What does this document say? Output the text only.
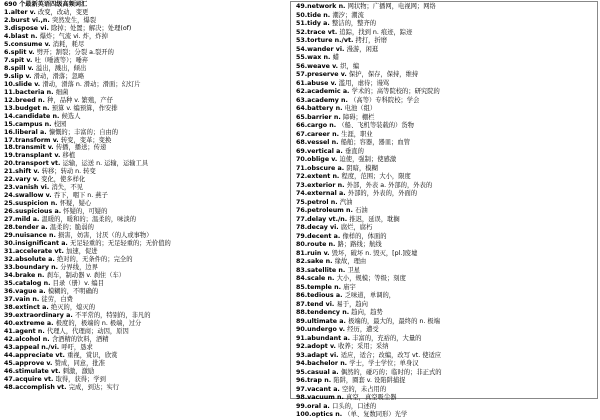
690 个最新英语四级高频词汇
1.alter v. 改变，改动，变更
2.burst vi.,n. 突然发生，爆裂
3.dispose vi. 除掉；处置；解决；处理(of)
4.blast n. 爆炸；气流 vi. 炸，炸掉
5.consume v. 消耗，耗尽
6.split v. 劈开；割裂；分裂 a.裂开的
7.spit v. 吐（唾液等）；唾弃
8.spill v. 溢出，溅出，倾出
9.slip v. 滑动，滑落；忽略
10.slide v. 滑动，滑落 n. 滑动；滑面；幻灯片
11.bacteria n. 细菌
12.breed n. 种，品种 v. 繁殖，产仔
13.budget n. 预算 v. 编预算，作安排
14.candidate n. 候选人
15.campus n. 校园
16.liberal a. 慷慨的；丰富的；自由的
17.transform v. 转变，变革；变换
18.transmit v. 传播，播送；传递
19.transplant v. 移植
20.transport vt. 运输，运送 n. 运输，运输工具
21.shift v. 转移；转动 n. 转变
22.vary v. 变化，使多样化
23.vanish vi. 消失，不见
24.swallow v. 吞下，咽下 n. 燕子
25.suspicion n. 怀疑，疑心
26.suspicious a. 怀疑的，可疑的
27.mild a. 温暖的，暖和的；温柔的，味淡的
28.tender a. 温柔的；脆弱的
29.nuisance n. 损害，妨害，讨厌（的人或事物）
30.insignificant a. 无足轻重的；无足轻重的；无价值的
31.accelerate vt. 加速，促进
32.absolute a. 绝对的，无条件的；完全的
33.boundary n. 分界线，边界
34.brake n. 刹车，制动器 v. 刹住（车）
35.catalog n. 目录（册）v. 编目
36.vague a. 模糊的，不明确的
37.vain n. 徒劳，白费
38.extinct a. 绝灭的，熄灭的
39.extraordinary a. 不平常的，特别的，非凡的
40.extreme a. 极度的，极端的 n. 极端，过分
41.agent n. 代理人，代理商；动因，原因
42.alcohol n. 含酒精的饮料，酒精
43.appeal n./vi. 呼吁，恳求
44.appreciate vt. 重视，赏识，欣赏
45.approve v. 赞成，同意，批准
46.stimulate vt. 刺激，激励
47.acquire vt. 取得，获得；学到
48.accomplish vt. 完成，到达；实行
49.network n. 网状物；广播网，电视网；网络
50.tide n. 潮汐；潮流
51.tidy a. 整洁的，整齐的
52.trace vt. 追踪，找到 n. 痕迹，踪迹
53.torture n./vt. 拷打，折磨
54.wander vi. 漫游，闲逛
55.wax n. 蜡
56.weave v. 织，编
57.preserve v. 保护，保存，保持，维持
61.abuse v. 滥用，虐待；谩骂
62.academic a. 学术的；高等院校的；研究院的
63.academy n. （高等）专科院校；学会
64.battery n. 电池（组）
65.barrier n. 障碍；棚栏
66.cargo n. （船、飞机等装载的）货物
67.career n. 生涯，职业
68.vessel n. 船舶；容器，器皿；血管
69.vertical a. 垂直的
70.oblige v. 迫使，强制；使感激
71.obscure a. 阴暗，模糊
72.extent n. 程度，范围；大小，限度
73.exterior n. 外部，外表 a. 外部的，外表的
74.external a. 外部的，外表的，外面的
75.petrol n. 汽油
76.petroleum n. 石油
77.delay vt./n. 推迟，延误，耽搁
78.decay vi. 腐烂，腐朽
79.decent a. 像样的，体面的
80.route n. 路；路线；航线
81.ruin v. 毁坏，破坏 n. 毁灭，[pl.]废墟
82.sake n. 缘故，理由
83.satellite n. 卫星
84.scale n. 大小，规模；等级；刻度
85.temple n. 庙宇
86.tedious a. 乏味道，单调的，
87.tend vi. 易于，趋向
88.tendency n. 趋向，趋势
89.ultimate a. 极端的，最大的，最终的 n. 极端
90.undergo v. 经历，遭受
91.abundant a. 丰富的，充裕的，大量的
92.adopt v. 收养；采用；采纳
93.adapt vi. 适应，适合；改编，改写 vt. 使适应
94.bachelor n. 学士，学士学位；单身汉
95.casual a. 偶然的，碰巧的；临时的；非正式的
96.trap n. 陷阱，圈套 v. 设陷阱捕捉
97.vacant a. 空的，未占用的
98.vacuum n. 真空，真空吸尘器
99.oral a. 口头的，口述的
100.optics n. （单、复数同形）光学
